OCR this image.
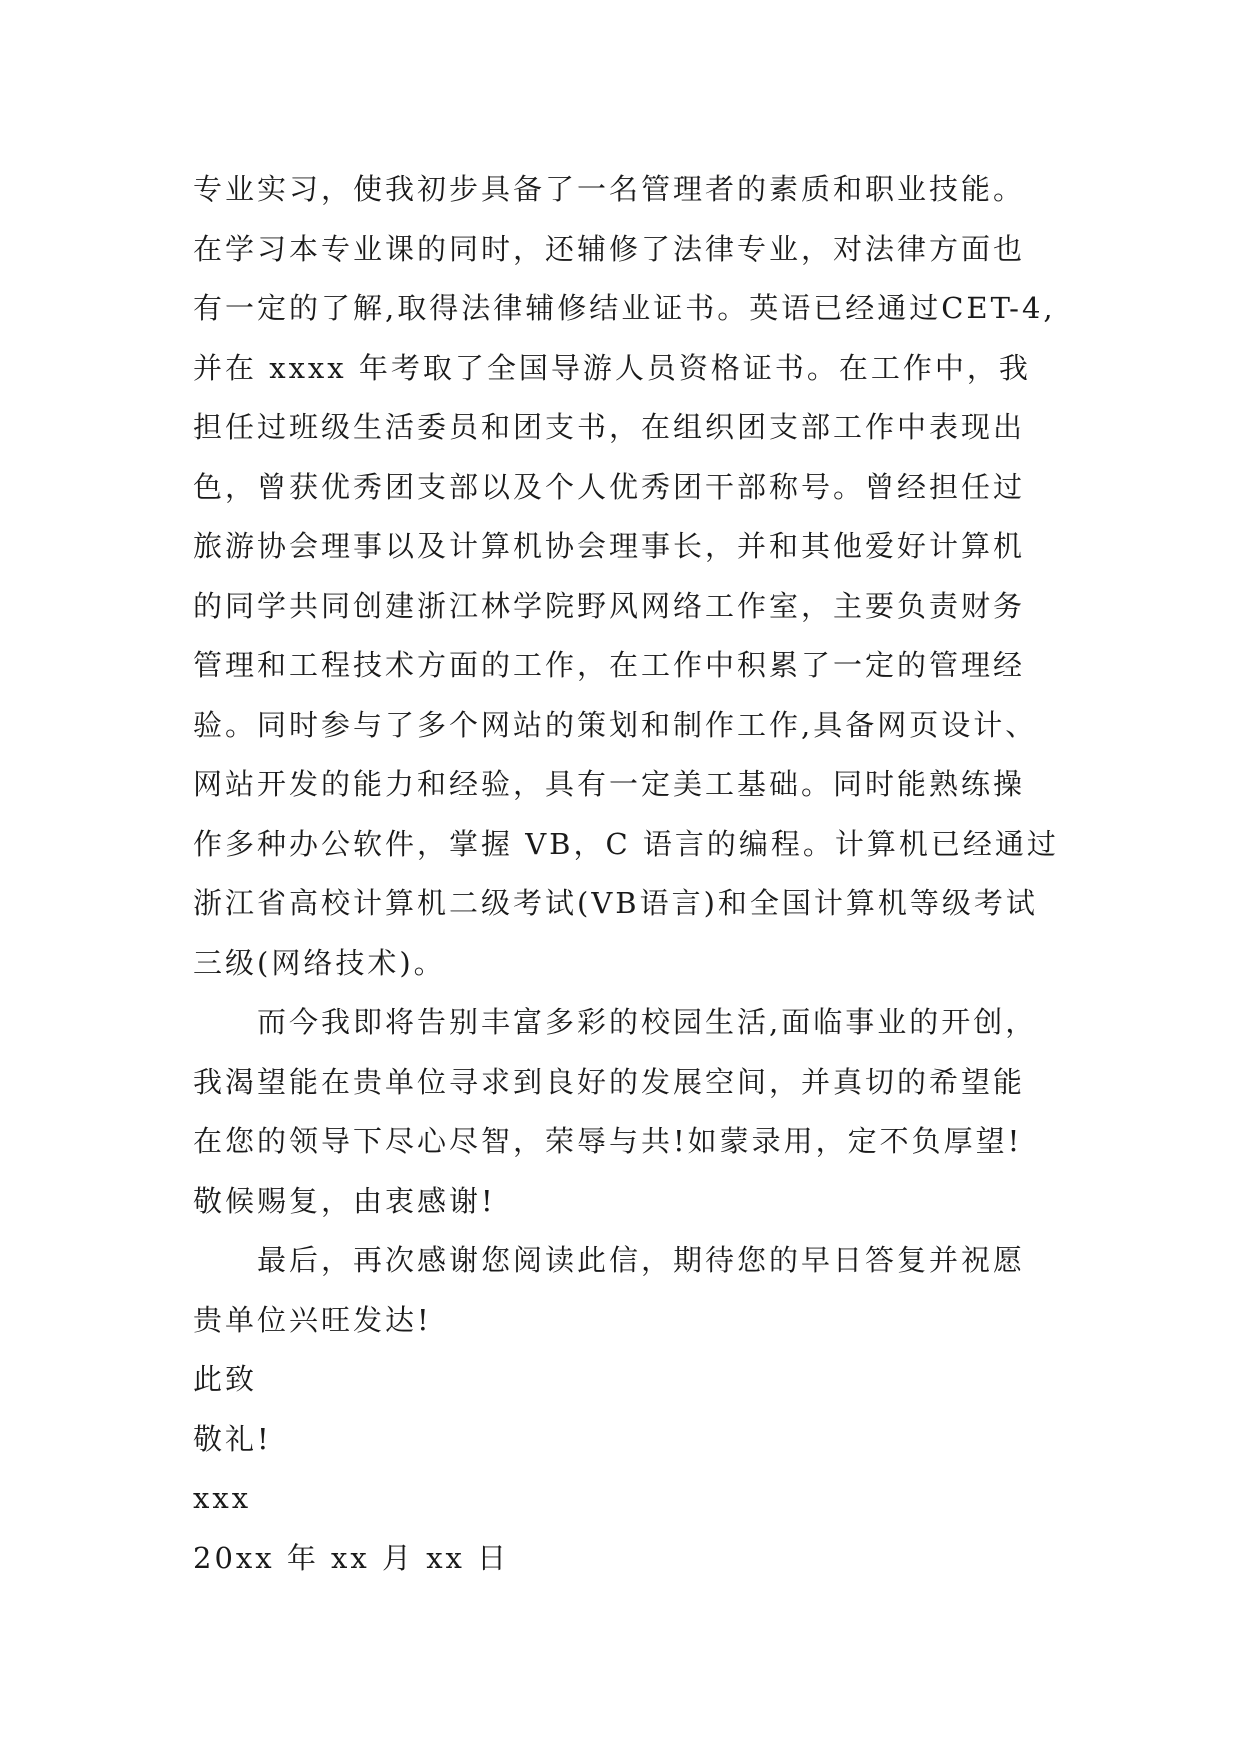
专业实习，使我初步具备了一名管理者的素质和职业技能。
在学习本专业课的同时，还辅修了法律专业，对法律方面也
有一定的了解,取得法律辅修结业证书。英语已经通过CET-4,
并在 xxxx 年考取了全国导游人员资格证书。在工作中，我
担任过班级生活委员和团支书，在组织团支部工作中表现出
色，曾获优秀团支部以及个人优秀团干部称号。曾经担任过
旅游协会理事以及计算机协会理事长，并和其他爱好计算机
的同学共同创建浙江林学院野风网络工作室，主要负责财务
管理和工程技术方面的工作，在工作中积累了一定的管理经
验。同时参与了多个网站的策划和制作工作,具备网页设计、
网站开发的能力和经验，具有一定美工基础。同时能熟练操
作多种办公软件，掌握 VB，C 语言的编程。计算机已经通过
浙江省高校计算机二级考试(VB语言)和全国计算机等级考试
三级(网络技术)。
而今我即将告别丰富多彩的校园生活,面临事业的开创，
我渴望能在贵单位寻求到良好的发展空间，并真切的希望能
在您的领导下尽心尽智，荣辱与共!如蒙录用，定不负厚望!
敬候赐复，由衷感谢!
最后，再次感谢您阅读此信，期待您的早日答复并祝愿
贵单位兴旺发达!
此致
敬礼!
xxx
20xx 年 xx 月 xx 日
